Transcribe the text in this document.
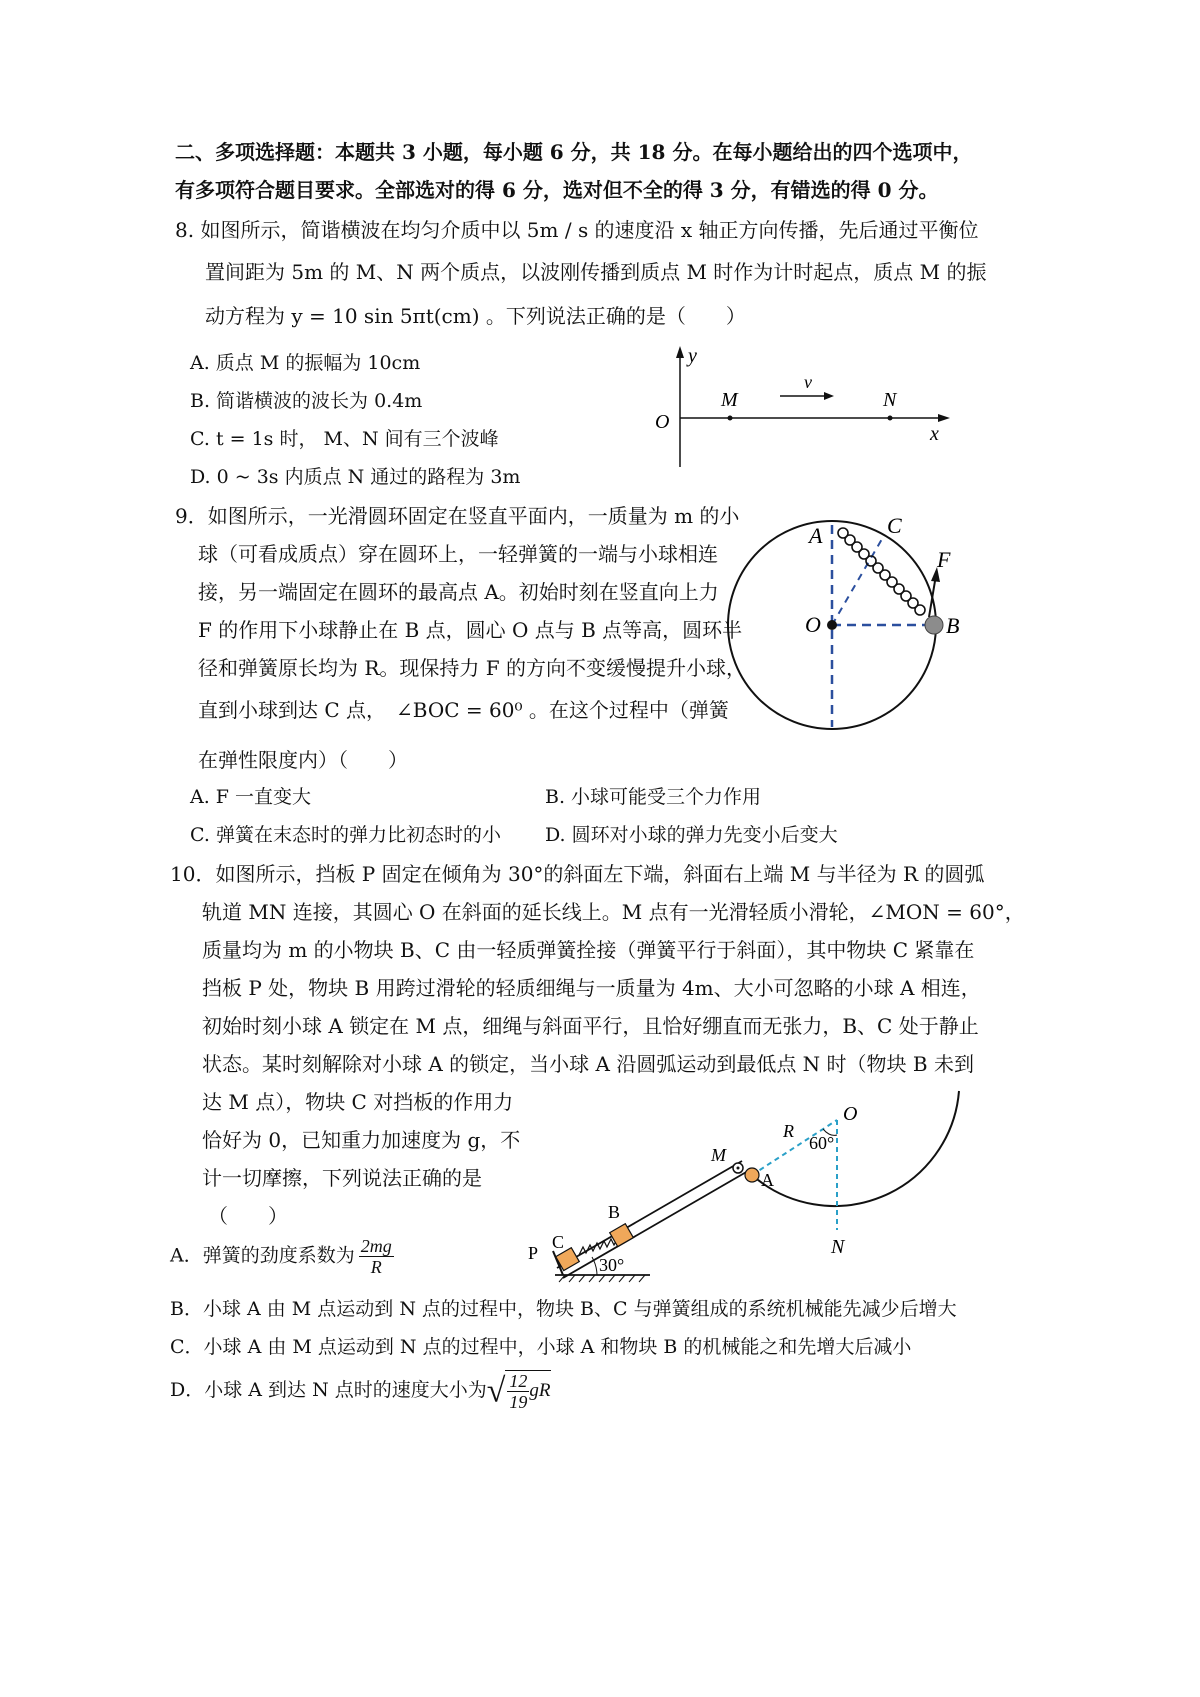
二、多项选择题：本题共 3 小题，每小题 6 分，共 18 分。在每小题给出的四个选项中，
有多项符合题目要求。全部选对的得 6 分，选对但不全的得 3 分，有错选的得 0 分。
8. 如图所示，简谐横波在均匀介质中以 5m / s 的速度沿 x 轴正方向传播，先后通过平衡位
置间距为 5m 的 M、N 两个质点，以波刚传播到质点 M 时作为计时起点，质点 M 的振
动方程为 y = 10 sin 5πt(cm) 。下列说法正确的是（　　）
A. 质点 M 的振幅为 10cm
B. 简谐横波的波长为 0.4m
C. t = 1s 时， M、N 间有三个波峰
D. 0 ~ 3s 内质点 N 通过的路程为 3m
y
O
M
v
N
x
9．如图所示，一光滑圆环固定在竖直平面内，一质量为 m 的小
球（可看成质点）穿在圆环上，一轻弹簧的一端与小球相连
接，另一端固定在圆环的最高点 A。初始时刻在竖直向上力
F 的作用下小球静止在 B 点，圆心 O 点与 B 点等高，圆环半
径和弹簧原长均为 R。现保持力 F 的方向不变缓慢提升小球，
直到小球到达 C 点，　∠BOC = 60⁰ 。在这个过程中（弹簧
在弹性限度内）（　　）
A. F 一直变大	B. 小球可能受三个力作用
C. 弹簧在末态时的弹力比初态时的小 D. 圆环对小球的弹力先变小后变大
A	C
F
O	B
10．如图所示，挡板 P 固定在倾角为 30°的斜面左下端，斜面右上端 M 与半径为 R 的圆弧
轨道 MN 连接，其圆心 O 在斜面的延长线上。M 点有一光滑轻质小滑轮，∠MON = 60°，
质量均为 m 的小物块 B、C 由一轻质弹簧拴接（弹簧平行于斜面），其中物块 C 紧靠在
挡板 P 处，物块 B 用跨过滑轮的轻质细绳与一质量为 4m、大小可忽略的小球 A 相连，
初始时刻小球 A 锁定在 M 点，细绳与斜面平行，且恰好绷直而无张力，B、C 处于静止
状态。某时刻解除对小球 A 的锁定，当小球 A 沿圆弧运动到最低点 N 时（物块 B 未到
达 M 点），物块 C 对挡板的作用力
恰好为 0，已知重力加速度为 g，不
计一切摩擦，下列说法正确的是
（　　）
A．弹簧的劲度系数为 $\frac{2mg}{R}$
B．小球 A 由 M 点运动到 N 点的过程中，物块 B、C 与弹簧组成的系统机械能先减少后增大
C．小球 A 由 M 点运动到 N 点的过程中，小球 A 和物块 B 的机械能之和先增大后减小
D．小球 A 到达 N 点时的速度大小为√ $\frac{12}{19}$ gR
O
R
60°
M
A
B
C
P
30°
N
